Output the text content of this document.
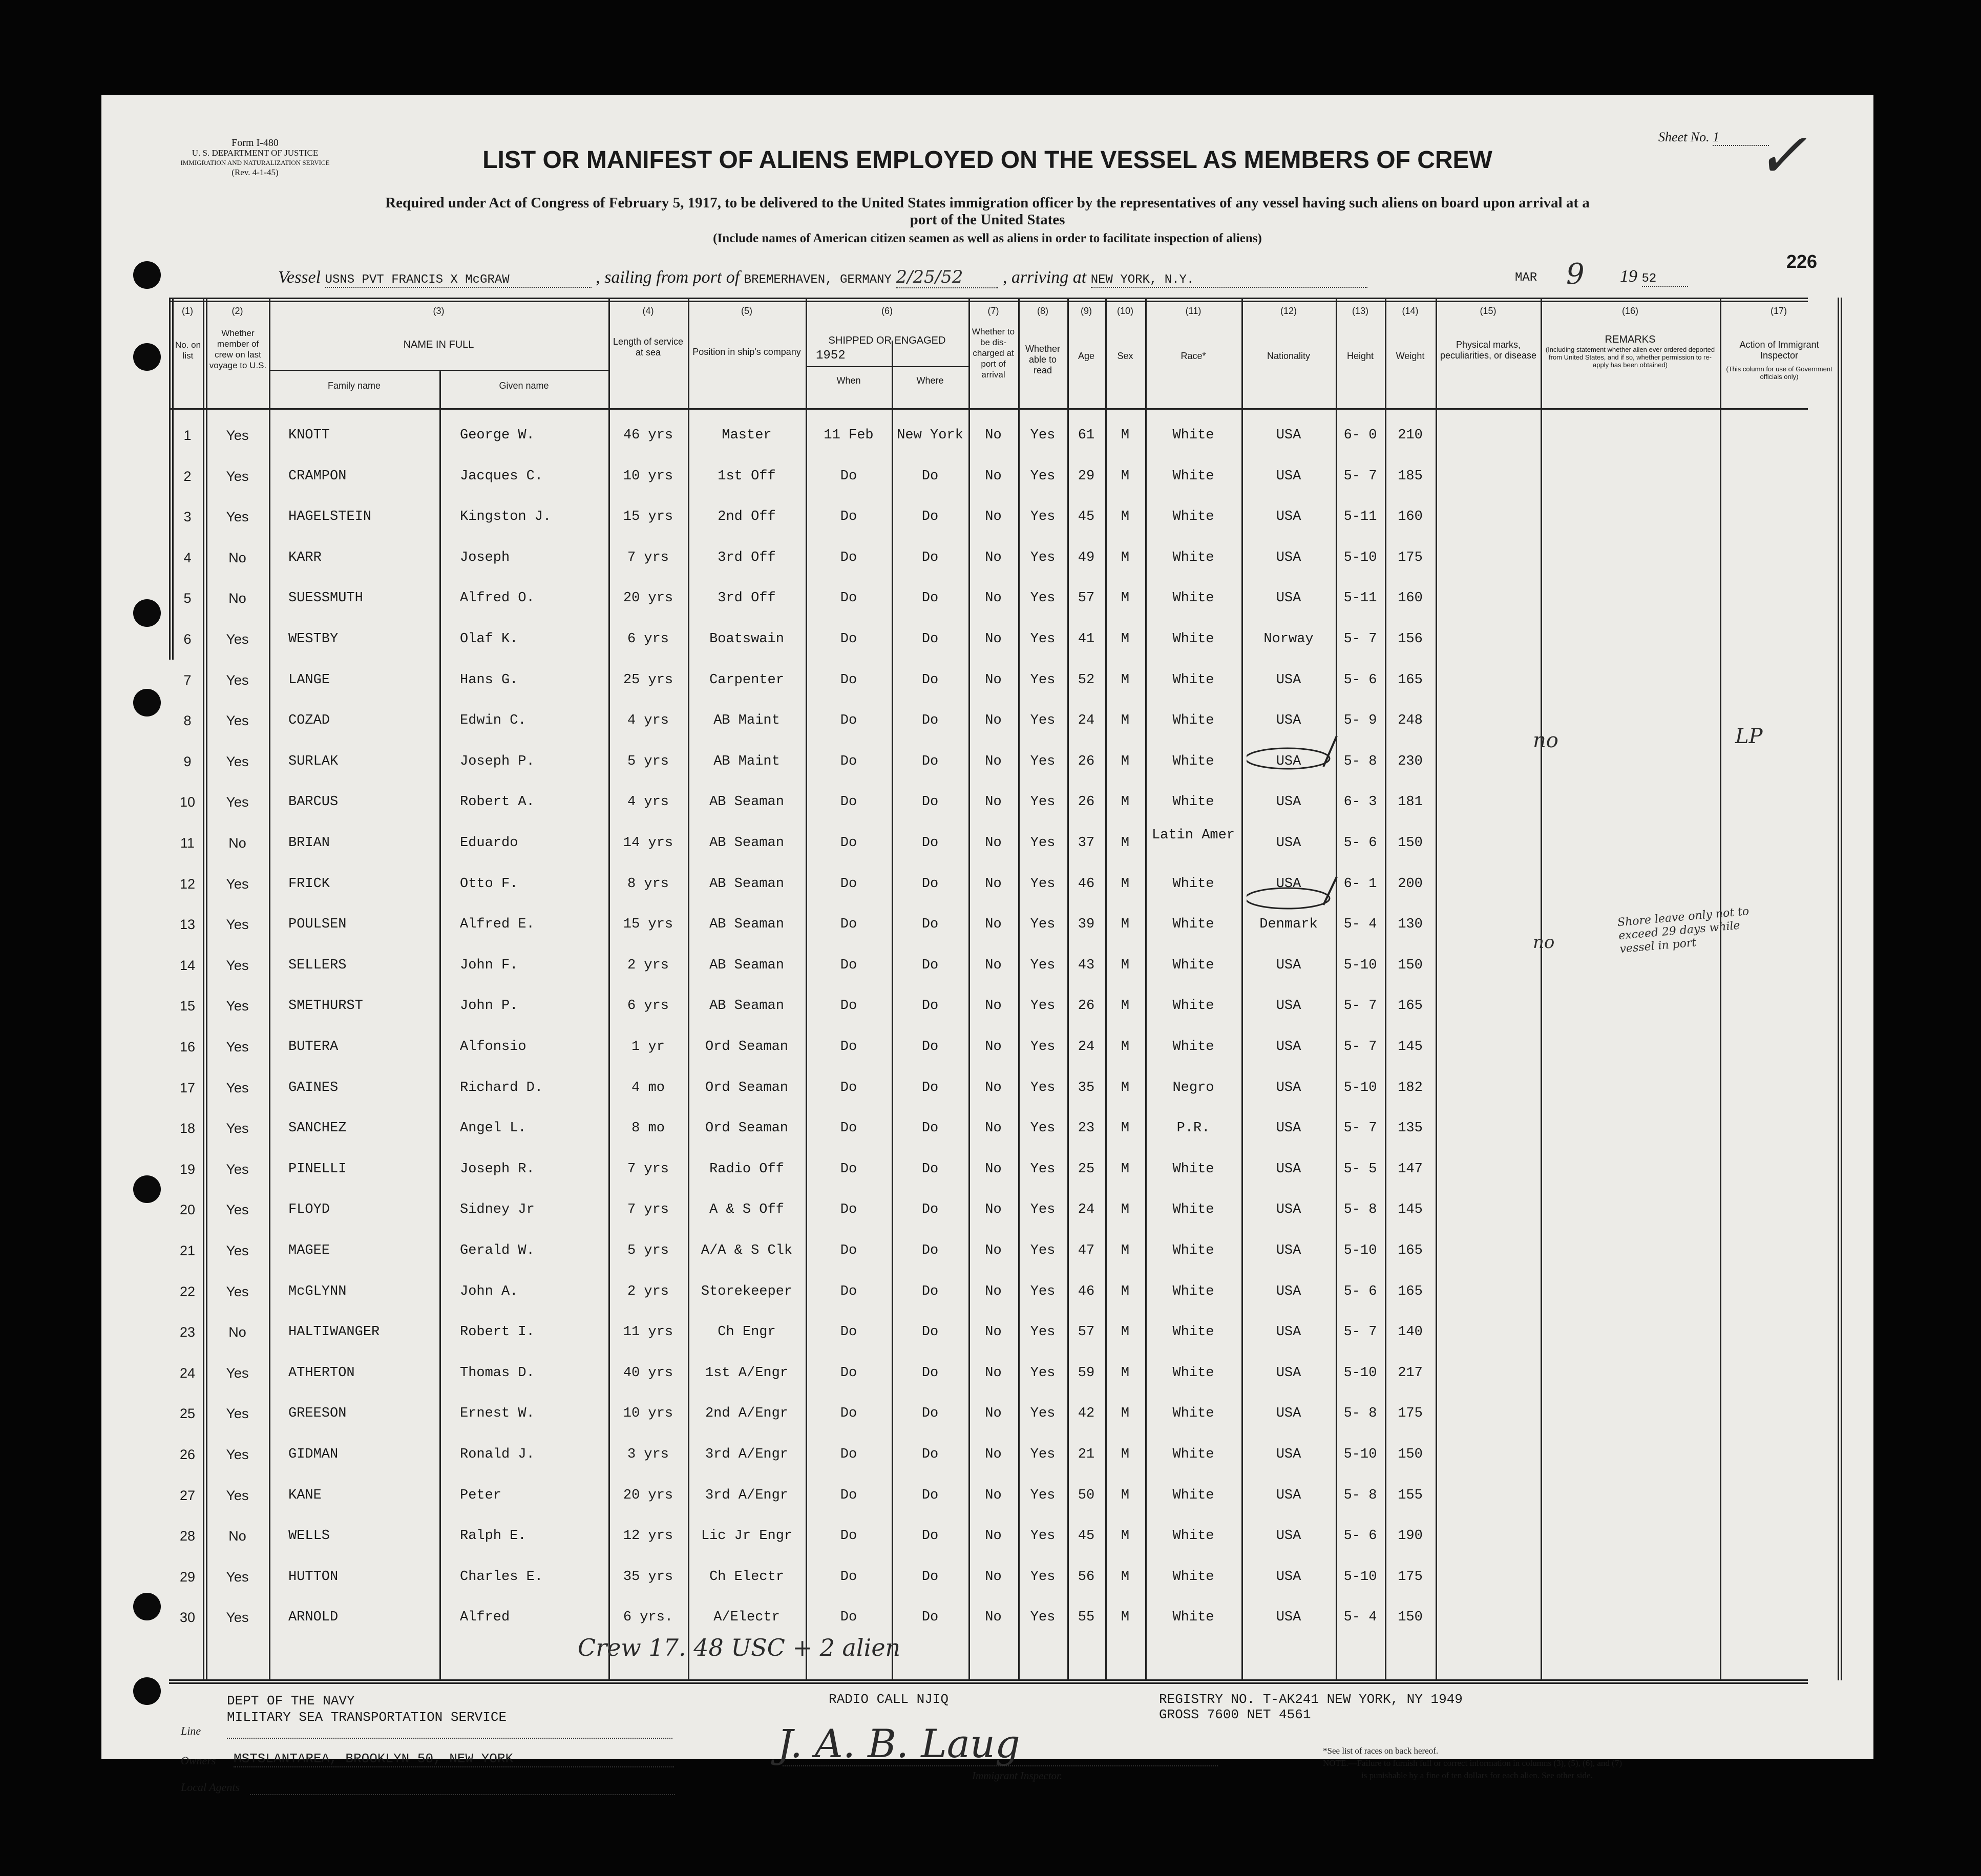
Form I-480
U. S. DEPARTMENT OF JUSTICE
IMMIGRATION AND NATURALIZATION SERVICE
(Rev. 4-1-45)
Sheet No. 1 ✓
LIST OR MANIFEST OF ALIENS EMPLOYED ON THE VESSEL AS MEMBERS OF CREW
Required under Act of Congress of February 5, 1917, to be delivered to the United States immigration officer by the representatives of any vessel having such aliens on board upon arrival at a
port of the United States
(Include names of American citizen seamen as well as aliens in order to facilitate inspection of aliens)
Vessel USNS PVT FRANCIS X McGRAW	, sailing from port of BREMERHAVEN, GERMANY 2/25/52 , arriving at NEW YORK, N.Y.	MAR 9 19 52
226
(1)	(2)	(3)	(4)	(5)	(6)	(7)	(8)	(9)	(10)	(11)	(12)	(13)	(14)	(15)	(16)	(17)
No. on list
Whether member of crew on last voyage to U.S.
NAME IN FULL
Family name	Given name
Length of service at sea	Position in ship's company
SHIPPED OR ENGAGED
1952
When	Where
Whether to be dis-charged at port of arrival
Whether able to read
Age	Sex	Race*	Nationality	Height	Weight
Physical marks, peculiarities, or disease
REMARKS
(Including statement whether alien ever ordered deported from United States, and if so, whether permission to re-apply has been obtained)
Action of Immigrant Inspector
(This column for use of Government officials only)
1	Yes	KNOTT	George W.	46 yrs	Master	11 Feb	New York	No	Yes	61	M	White	USA	6- 0	210
2	Yes	CRAMPON	Jacques C.	10 yrs	1st Off	Do	Do	No	Yes	29	M	White	USA	5- 7	185
3	Yes	HAGELSTEIN	Kingston J.	15 yrs	2nd Off	Do	Do	No	Yes	45	M	White	USA	5-11	160
4	No	KARR	Joseph	7 yrs	3rd Off	Do	Do	No	Yes	49	M	White	USA	5-10	175
5	No	SUESSMUTH	Alfred O.	20 yrs	3rd Off	Do	Do	No	Yes	57	M	White	USA	5-11	160
6	Yes	WESTBY	Olaf K.	6 yrs	Boatswain	Do	Do	No	Yes	41	M	White	Norway	5- 7	156
7	Yes	LANGE	Hans G.	25 yrs	Carpenter	Do	Do	No	Yes	52	M	White	USA	5- 6	165
8	Yes	COZAD	Edwin C.	4 yrs	AB Maint	Do	Do	No	Yes	24	M	White	USA	5- 9	248
9	Yes	SURLAK	Joseph P.	5 yrs	AB Maint	Do	Do	No	Yes	26	M	White	USA	5- 8	230
10	Yes	BARCUS	Robert A.	4 yrs	AB Seaman	Do	Do	No	Yes	26	M	White	USA	6- 3	181
11	No	BRIAN	Eduardo	14 yrs	AB Seaman	Do	Do	No	Yes	37	M	Latin Amer	USA	5- 6	150
12	Yes	FRICK	Otto F.	8 yrs	AB Seaman	Do	Do	No	Yes	46	M	White	USA	6- 1	200
13	Yes	POULSEN	Alfred E.	15 yrs	AB Seaman	Do	Do	No	Yes	39	M	White	Denmark	5- 4	130
14	Yes	SELLERS	John F.	2 yrs	AB Seaman	Do	Do	No	Yes	43	M	White	USA	5-10	150
15	Yes	SMETHURST	John P.	6 yrs	AB Seaman	Do	Do	No	Yes	26	M	White	USA	5- 7	165
16	Yes	BUTERA	Alfonsio	1 yr	Ord Seaman	Do	Do	No	Yes	24	M	White	USA	5- 7	145
17	Yes	GAINES	Richard D.	4 mo	Ord Seaman	Do	Do	No	Yes	35	M	Negro	USA	5-10	182
18	Yes	SANCHEZ	Angel L.	8 mo	Ord Seaman	Do	Do	No	Yes	23	M	P.R.	USA	5- 7	135
19	Yes	PINELLI	Joseph R.	7 yrs	Radio Off	Do	Do	No	Yes	25	M	White	USA	5- 5	147
20	Yes	FLOYD	Sidney Jr	7 yrs	A & S Off	Do	Do	No	Yes	24	M	White	USA	5- 8	145
21	Yes	MAGEE	Gerald W.	5 yrs	A/A & S Clk	Do	Do	No	Yes	47	M	White	USA	5-10	165
22	Yes	McGLYNN	John A.	2 yrs	Storekeeper	Do	Do	No	Yes	46	M	White	USA	5- 6	165
23	No	HALTIWANGER	Robert I.	11 yrs	Ch Engr	Do	Do	No	Yes	57	M	White	USA	5- 7	140
24	Yes	ATHERTON	Thomas D.	40 yrs	1st A/Engr	Do	Do	No	Yes	59	M	White	USA	5-10	217
25	Yes	GREESON	Ernest W.	10 yrs	2nd A/Engr	Do	Do	No	Yes	42	M	White	USA	5- 8	175
26	Yes	GIDMAN	Ronald J.	3 yrs	3rd A/Engr	Do	Do	No	Yes	21	M	White	USA	5-10	150
27	Yes	KANE	Peter	20 yrs	3rd A/Engr	Do	Do	No	Yes	50	M	White	USA	5- 8	155
28	No	WELLS	Ralph E.	12 yrs	Lic Jr Engr	Do	Do	No	Yes	45	M	White	USA	5- 6	190
29	Yes	HUTTON	Charles E.	35 yrs	Ch Electr	Do	Do	No	Yes	56	M	White	USA	5-10	175
30	Yes	ARNOLD	Alfred	6 yrs.	A/Electr	Do	Do	No	Yes	55	M	White	USA	5- 4	150
no	LP
no
Shore leave only not to exceed 29 days while vessel in port
Crew 17. 48 USC + 2 alien
DEPT OF THE NAVY
MILITARY SEA TRANSPORTATION SERVICE
Line
Owners MSTSLANTAREA, BROOKLYN 50, NEW YORK
Local Agents
RADIO CALL NJIQ	REGISTRY NO. T-AK241 NEW YORK, NY 1949
GROSS 7600 NET 4561
J. A. B. Laug
Immigrant Inspector.
*See list of races on back hereof.
NOTE.—Failure to furnish full or correct information in columns (3), (5), (6), and (7)
is punishable by a fine of ten dollars for each alien. See other side.
